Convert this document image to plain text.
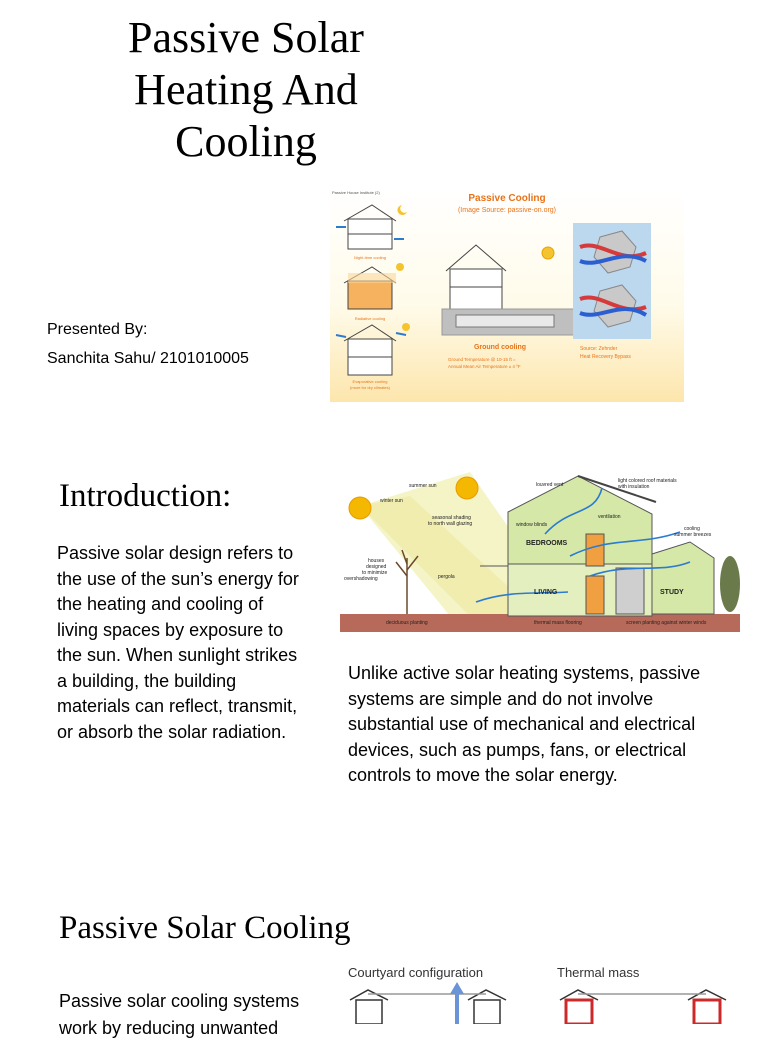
Passive Solar Heating And Cooling
Presented By:
Sanchita Sahu/ 2101010005
Passive House Institute (2)
Passive Cooling
(Image Source: passive-on.org)
Night-time cooling
Radiative cooling
Evaporative cooling
(more for dry climates)
Ground cooling
Ground Temperature @ 10-15 ft =
Annual Mean Air Temperature ± 4 ºF
Source: Zehnder
Heat Recovery Bypass
Introduction:
Passive solar design refers to the use of the sun’s energy for the heating and cooling of living spaces by exposure to the sun. When sunlight strikes a building, the building materials can reflect, transmit, or absorb the solar radiation.
Unlike active solar heating systems, passive systems are simple and do not involve substantial use of mechanical and electrical devices, such as pumps, fans, or electrical controls to move the solar energy.
summer sun
winter sun
louvred vent
light colored roof materials
with insulation
ventilation
seasonal shading
to north wall glazing	window blinds
BEDROOMS
cooling
summer breezes
houses
designed
to minimize
overshadowing	pergola
LIVING	STUDY
deciduous planting	thermal mass flooring	screen planting against winter winds
Passive Solar Cooling
Passive solar cooling systems
work by reducing unwanted
Courtyard configuration	Thermal mass
